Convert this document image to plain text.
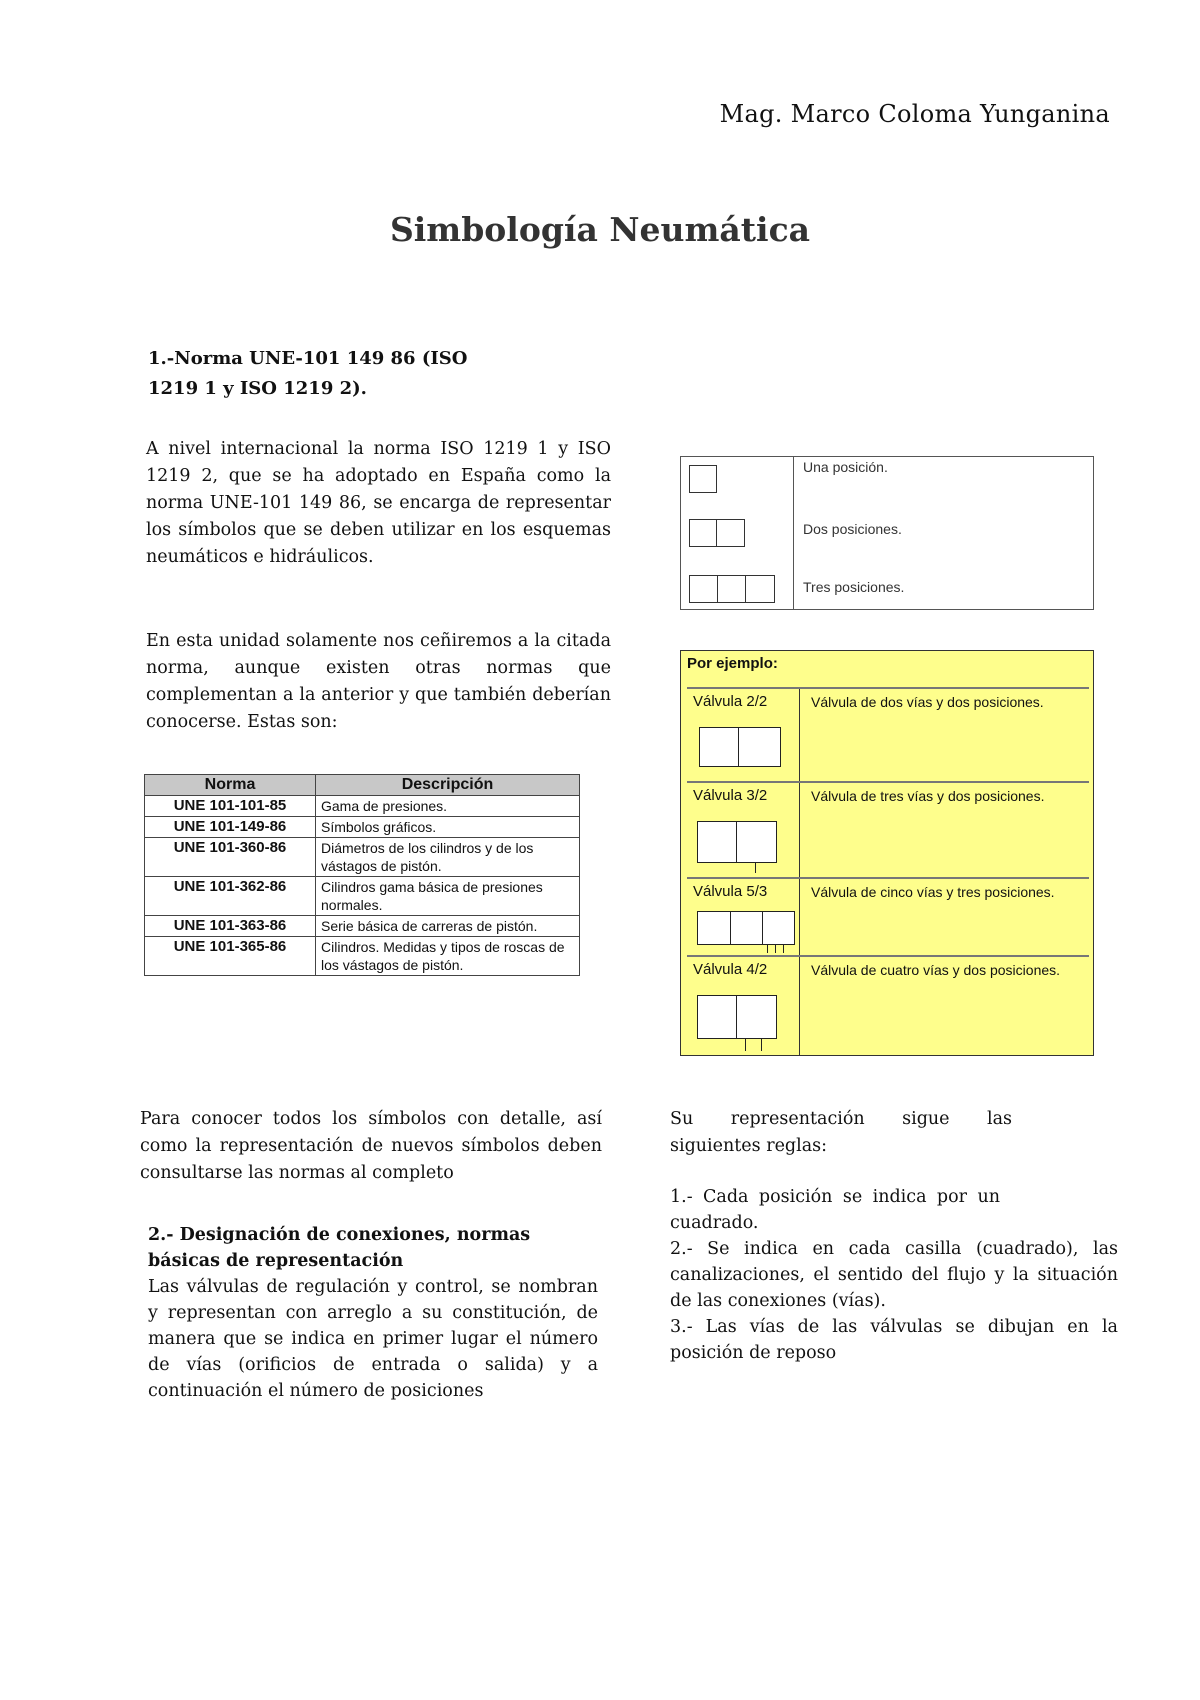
Mag. Marco Coloma Yunganina
Simbología Neumática
1.-Norma UNE-101 149 86 (ISO
1219 1 y ISO 1219 2).
A nivel internacional la norma ISO 1219 1 y ISO 1219 2, que se ha adoptado en España como la norma UNE-101 149 86, se encarga de representar los símbolos que se deben utilizar en los esquemas neumáticos e hidráulicos.
En esta unidad solamente nos ceñiremos a la citada norma, aunque existen otras normas que complementan a la anterior y que también deberían conocerse. Estas son:
Norma	Descripción
UNE 101-101-85	Gama de presiones.
UNE 101-149-86	Símbolos gráficos.
UNE 101-360-86	Diámetros de los cilindros y de los vástagos de pistón.
UNE 101-362-86	Cilindros gama básica de presiones normales.
UNE 101-363-86	Serie básica de carreras de pistón.
UNE 101-365-86	Cilindros. Medidas y tipos de roscas de los vástagos de pistón.
Una posición.
Dos posiciones.
Tres posiciones.
Por ejemplo:
Válvula 2/2	Válvula de dos vías y dos posiciones.
Válvula 3/2	Válvula de tres vías y dos posiciones.
Válvula 5/3	Válvula de cinco vías y tres posiciones.
Válvula 4/2	Válvula de cuatro vías y dos posiciones.
Para conocer todos los símbolos con detalle, así como la representación de nuevos símbolos deben consultarse las normas al completo
2.- Designación de conexiones, normas básicas de representación
Las válvulas de regulación y control, se nombran y representan con arreglo a su constitución, de manera que se indica en primer lugar el número de vías (orificios de entrada o salida) y a continuación el número de posiciones
Su representación sigue las siguientes reglas:
1.- Cada posición se indica por un cuadrado.
2.- Se indica en cada casilla (cuadrado), las canalizaciones, el sentido del flujo y la situación de las conexiones (vías).
3.- Las vías de las válvulas se dibujan en la posición de reposo
